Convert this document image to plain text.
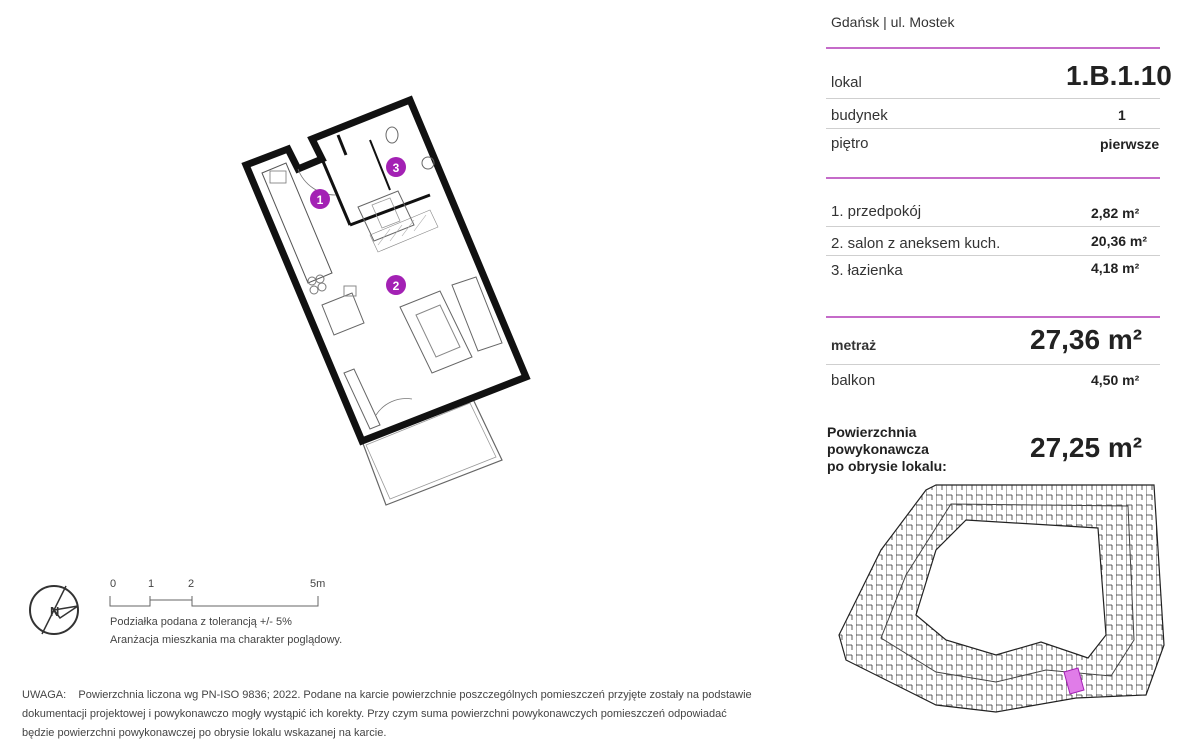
1
2
3
N
0	1	2	5m
Podziałka podana z tolerancją +/- 5%
Aranżacja mieszkania ma charakter poglądowy.
UWAGA:    Powierzchnia liczona wg PN-ISO 9836; 2022. Podane na karcie powierzchnie poszczególnych pomieszczeń przyjęte zostały na podstawie
dokumentacji projektowej i powykonawczo mogły wystąpić ich korekty. Przy czym suma powierzchni powykonawczych pomieszczeń odpowiadać
będzie powierzchni powykonawczej po obrysie lokalu wskazanej na karcie.
Gdańsk | ul. Mostek
lokal	1.B.1.10
budynek	1
piętro	pierwsze
1. przedpokój	2,82 m²
2. salon z aneksem kuch.	20,36 m²
3. łazienka	4,18 m²
metraż	27,36 m²
balkon	4,50 m²
Powierzchnia
powykonawcza
po obrysie lokalu:
27,25 m²
